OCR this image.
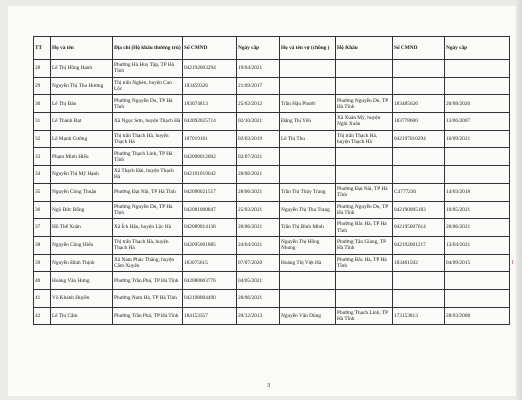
TT	Họ và tên	Địa chỉ (Hộ khẩu thường trú)	Số CMND	Ngày cấp	Họ và tên vợ (chồng )	Hộ Khẩu	Số CMND	Ngày cấp
28	Lê Thị Hồng Hạnh	Phường Hà Huy Tập, TP Hà Tĩnh	042192003294	19/04/2021				
29	Nguyễn Thị Thu Hương	Thị trấn Nghèn, huyện Can Lộc	183459326	21/09/2017				
30	Lê Thị Đào	Phường Nguyễn Du, TP Hà Tĩnh	183074813	25/02/2012	Trần Hậu Phước	Phường Nguyễn Du, TP Hà Tĩnh	183485626	20/08/2020
31	Lê Thanh Đạt	Xã Ngọc Sơn, huyện Thạch Hà	042092025714	02/10/2021	Đặng Thị Yến	Xã Xuân Mỹ, huyện Nghi Xuân	183778600	13/06/2007
32	Lê Mạnh Cường	Thị trấn Thạch Hà, huyện Thạch Hà	187019161	02/03/2019	Lê Thị Thu	Thị trấn Thạch Hà, huyện Thạch Hà	042197010294	16/09/2021
33	Phạm Minh Hiếu	Phường Thạch Linh, TP Hà Tĩnh	042098012602	02/07/2021				
34	Nguyễn Thị Mỹ Hạnh	Xã Thạch Đài, huyện Thạch Hà	042191019642	28/06/2021				
35	Nguyễn Công Thuận	Phường Đại Nài, TP Hà Tĩnh	042090021517	28/06/2021	Trần Thị Thùy Trang	Phường Đại Nài, TP Hà Tĩnh	C4777230	14/03/2018
36	Ngô Đức Bổng	Phường Nguyễn Du, TP Hà Tĩnh	042081000847	25/03/2021	Nguyễn Thị Thu Trang	Phường Nguyễn Du, TP Hà Tĩnh	042190005183	10/05/2021
37	Hồ Thế Xuân	Xã Ích Hậu, huyện Lộc Hà	042089014138	28/06/2021	Trần Thị Bình Minh	Phường Bắc Hà, TP Hà Tĩnh	042195007614	28/06/2021
38	Nguyễn Công Hiếu	Thị trấn Thạch Hà, huyện Thạch Hà	042095001885	24/04/2021	Nguyễn Thị Hồng Nhung	Phường Tân Giang, TP Hà Tĩnh	042192001217	13/04/2021
39	Nguyễn Đình Thịnh	Xã Nam Phúc Thăng, huyện Cẩm Xuyên	183075615	07/07/2020	Hoàng Thị Việt Hà	Phường Bắc Hà, TP Hà Tĩnh	183461502	04/09/2015
40	Hoàng Văn Hưng	Phường Trần Phú, TP Hà Tĩnh	042088003776	04/05/2021				
41	Võ Khánh Huyền	Phường Nam Hà, TP Hà Tĩnh	042198004490	28/06/2021				
42	Lê Thị Cẩm	Phường Trần Phú, TP Hà Tĩnh	184153357	20/12/2013	Nguyễn Văn Dũng	Phường Thạch Linh, TP Hà Tĩnh	173153813	28/03/2008
3
1
